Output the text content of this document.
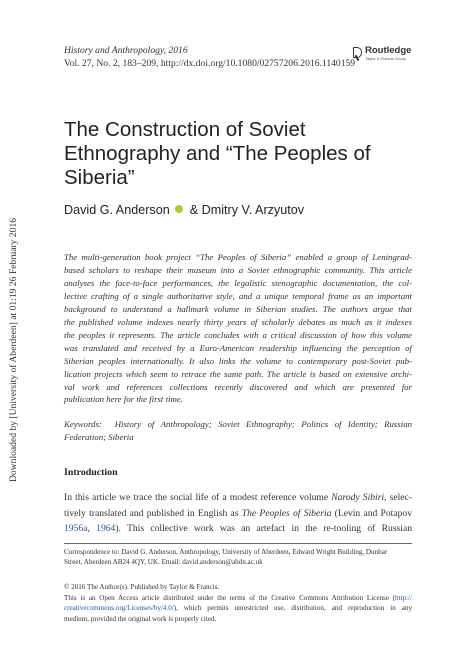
Downloaded by [University of Aberdeen] at 01:19 26 February 2016
History and Anthropology, 2016
Vol. 27, No. 2, 183–209, http://dx.doi.org/10.1080/02757206.2016.1140159
Routledge
Taylor & Francis Group
The Construction of Soviet
Ethnography and “The Peoples of
Siberia”
David G. Anderson & Dmitry V. Arzyutov
The multi-generation book project “The Peoples of Siberia” enabled a group of Leningrad-
based scholars to reshape their museum into a Soviet ethnographic community. This article
analyses the face-to-face performances, the legalistic stenographic documentation, the col-
lective crafting of a single authoritative style, and a unique temporal frame as an important
background to understand a hallmark volume in Siberian studies. The authors argue that
the published volume indexes nearly thirty years of scholarly debates as much as it indexes
the peoples it represents. The article concludes with a critical discussion of how this volume
was translated and received by a Euro-American readership influencing the perception of
Siberian peoples internationally. It also links the volume to contemporary post-Soviet pub-
lication projects which seem to retrace the same path. The article is based on extensive archi-
val work and references collections recently discovered and which are presented for
publication here for the first time.
Keywords: History of Anthropology; Soviet Ethnography; Politics of Identity; Russian
Federation; Siberia
Introduction
In this article we trace the social life of a modest reference volume Narody Sibiri, selec-
tively translated and published in English as The Peoples of Siberia (Levin and Potapov
1956a, 1964). This collective work was an artefact in the re-tooling of Russian
Correspondence to: David G. Anderson, Anthropology, University of Aberdeen, Edward Wright Building, Dunbar
Street, Aberdeen AB24 4QY, UK. Email: david.anderson@abdn.ac.uk
© 2016 The Author(s). Published by Taylor & Francis.
This is an Open Access article distributed under the terms of the Creative Commons Attribution License (http://
creativecommons.org/Licenses/by/4.0/), which permits unrestricted use, distribution, and reproduction in any
medium, provided the original work is properly cited.
